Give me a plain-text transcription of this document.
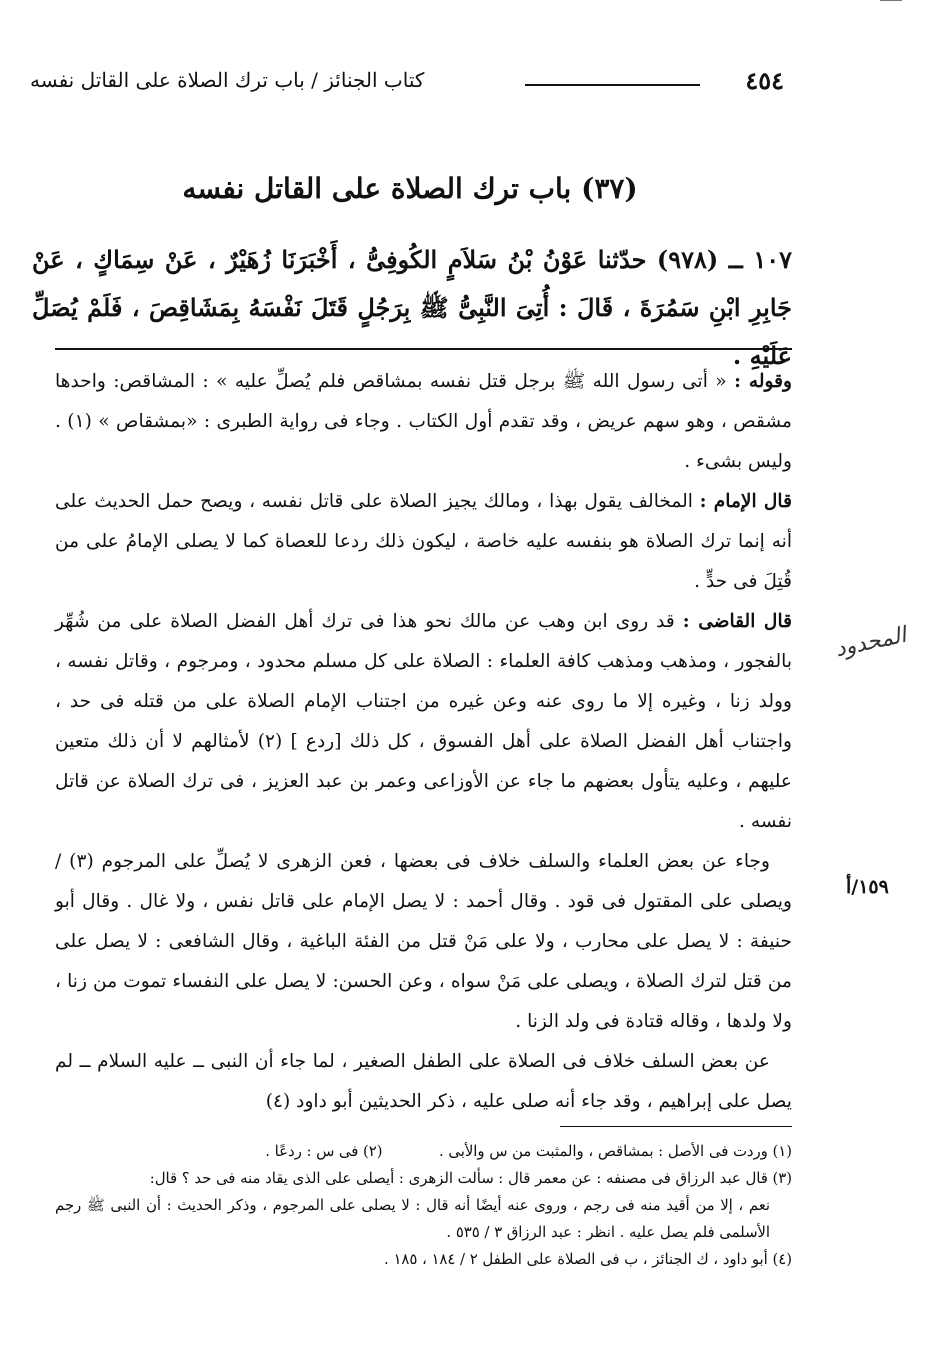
٤٥٤
كتاب الجنائز / باب ترك الصلاة على القاتل نفسه
(٣٧) باب ترك الصلاة على القاتل نفسه
١٠٧ ــ (٩٧٨) حدّثنا عَوْنُ بْنُ سَلاَمٍ الكُوفِىُّ ، أَخْبَرَنَا زُهَيْرٌ ، عَنْ سِمَاكٍ ، عَنْ جَابِرِ ابْنِ سَمُرَةَ ، قَالَ : أُتِىَ النَّبِىُّ ﷺ بِرَجُلٍ قَتَلَ نَفْسَهُ بِمَشَاقِصَ ، فَلَمْ يُصَلِّ عَلَيْهِ .

وقوله : « أتى رسول الله ﷺ برجل قتل نفسه بمشاقص فلم يُصلِّ عليه » : المشاقص: واحدها مشقص ، وهو سهم عريض ، وقد تقدم أول الكتاب . وجاء فى رواية الطبرى : «بمشقاص » (١) . وليس بشىء .

قال الإمام : المخالف يقول بهذا ، ومالك يجيز الصلاة على قاتل نفسه ، ويصح حمل الحديث على أنه إنما ترك الصلاة هو بنفسه عليه خاصة ، ليكون ذلك ردعا للعصاة كما لا يصلى الإمامُ على من قُتِلَ فى حدٍّ .

قال القاضى : قد روى ابن وهب عن مالك نحو هذا فى ترك أهل الفضل الصلاة على من شُهِّر بالفجور ، ومذهب ومذهب كافة العلماء : الصلاة على كل مسلم محدود ، ومرجوم ، وقاتل نفسه ، وولد زنا ، وغيره إلا ما روى عنه وعن غيره من اجتناب الإمام الصلاة على من قتله فى حد ، واجتناب أهل الفضل الصلاة على أهل الفسوق ، كل ذلك [ردع ] (٢) لأمثالهم لا أن ذلك متعين عليهم ، وعليه يتأول بعضهم ما جاء عن الأوزاعى وعمر بن عبد العزيز ، فى ترك الصلاة عن قاتل نفسه .

وجاء عن بعض العلماء والسلف خلاف فى بعضها ، فعن الزهرى لا يُصلِّ على المرجوم (٣) / ويصلى على المقتول فى قود . وقال أحمد : لا يصل الإمام على قاتل نفس ، ولا غال . وقال أبو حنيفة : لا يصل على محارب ، ولا على مَنْ قتل من الفئة الباغية ، وقال الشافعى : لا يصل على من قتل لترك الصلاة ، ويصلى على مَنْ سواه ، وعن الحسن: لا يصل على النفساء تموت من زنا ، ولا ولدها ، وقاله قتادة فى ولد الزنا .

عن بعض السلف خلاف فى الصلاة على الطفل الصغير ، لما جاء أن النبى ــ عليه السلام ــ لم يصل على إبراهيم ، وقد جاء أنه صلى عليه ، ذكر الحديثين أبو داود (٤)

(١) وردت فى الأصل : بمشاقص ، والمثبت من س والأبى .            (٢) فى س : ردعًا .

(٣) قال عبد الرزاق فى مصنفه : عن معمر قال : سألت الزهرى : أيصلى على الذى يقاد منه فى حد ؟ قال:

نعم ، إلا من أقيد منه فى رجم ، وروى عنه أيضًا أنه قال : لا يصلى على المرجوم ، وذكر الحديث : أن النبى ﷺ رجم الأسلمى فلم يصل عليه . انظر : عبد الرزاق ٣ / ٥٣٥ .

(٤) أبو داود ، ك الجنائز ، ب فى الصلاة على الطفل ٢ / ١٨٤ ، ١٨٥ .

المحدود
١٥٩/أ
